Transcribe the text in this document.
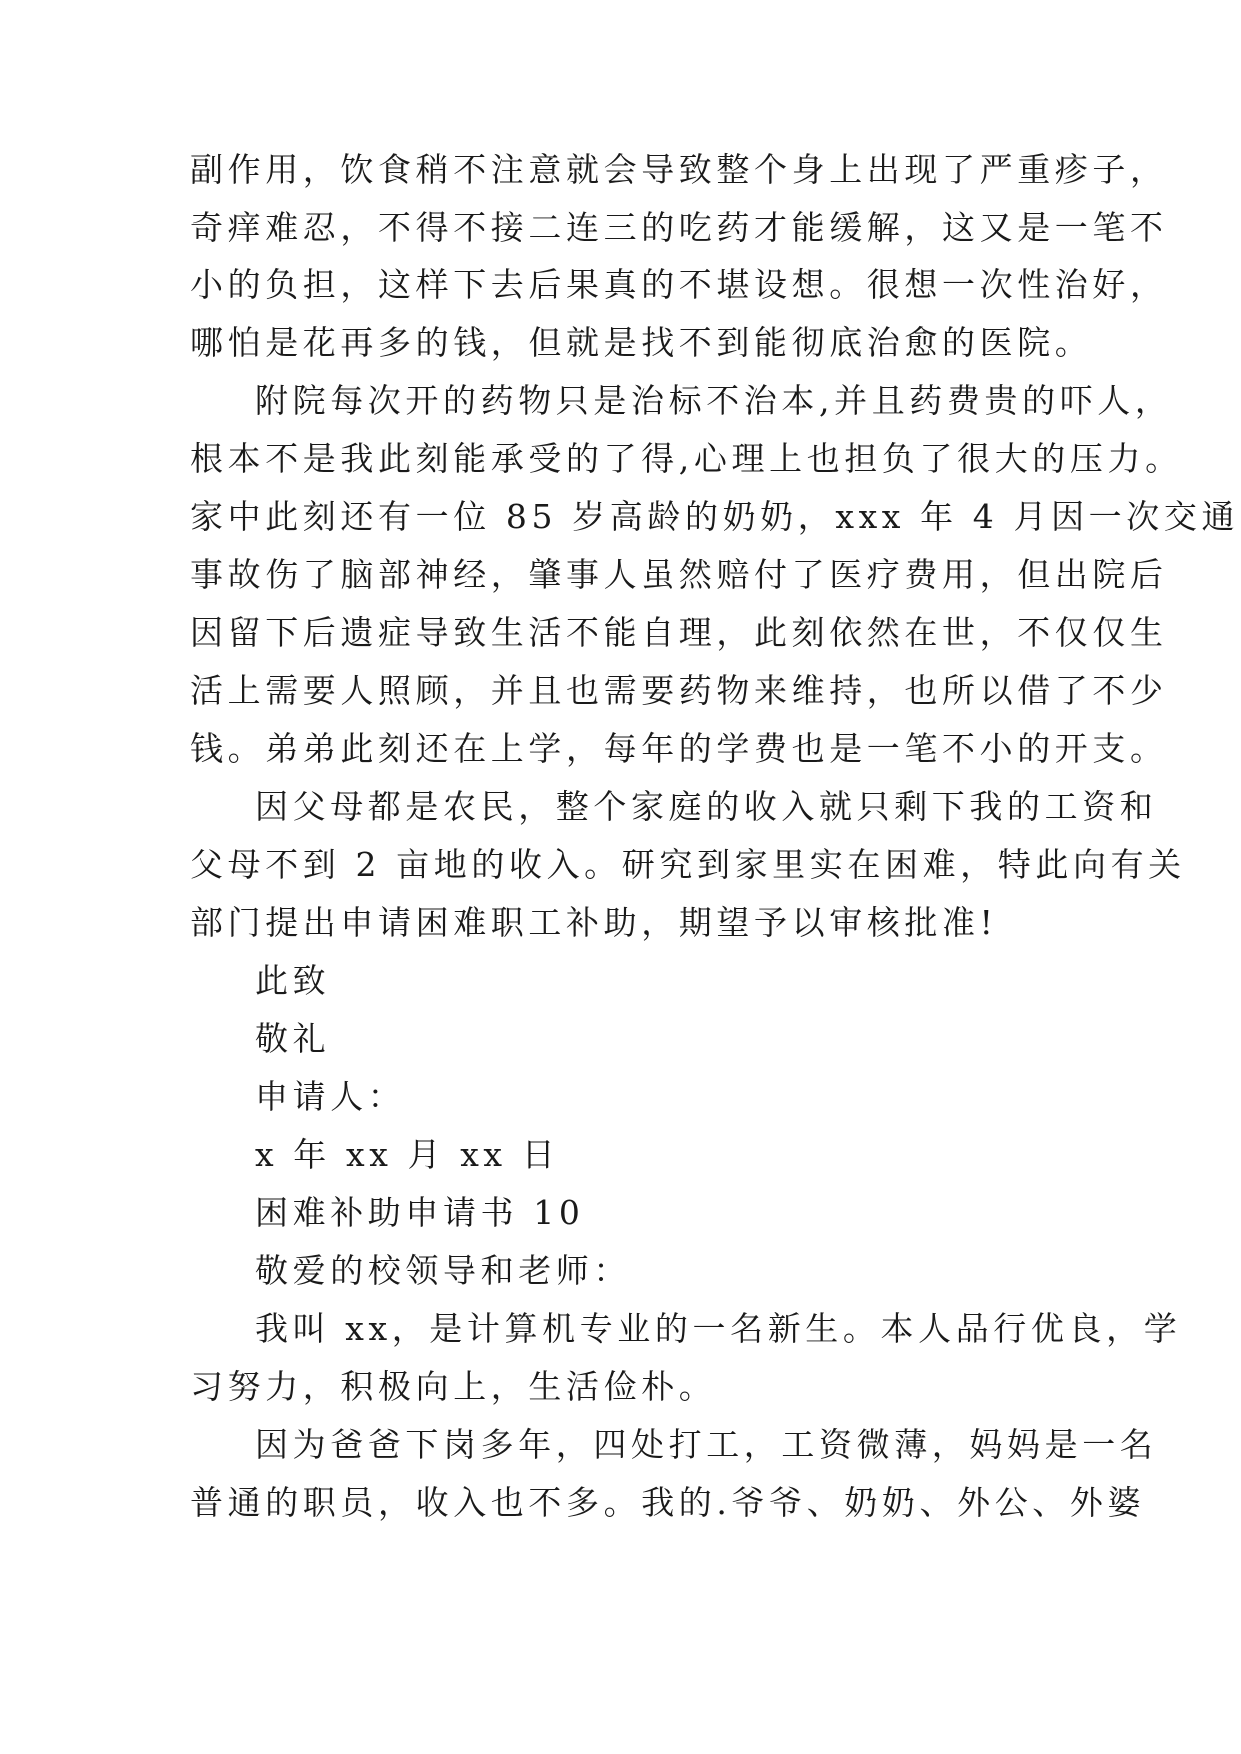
副作用，饮食稍不注意就会导致整个身上出现了严重疹子，
奇痒难忍，不得不接二连三的吃药才能缓解，这又是一笔不
小的负担，这样下去后果真的不堪设想。很想一次性治好，
哪怕是花再多的钱，但就是找不到能彻底治愈的医院。
附院每次开的药物只是治标不治本,并且药费贵的吓人，
根本不是我此刻能承受的了得,心理上也担负了很大的压力。
家中此刻还有一位 85 岁高龄的奶奶，xxx 年 4 月因一次交通
事故伤了脑部神经，肇事人虽然赔付了医疗费用，但出院后
因留下后遗症导致生活不能自理，此刻依然在世，不仅仅生
活上需要人照顾，并且也需要药物来维持，也所以借了不少
钱。弟弟此刻还在上学，每年的学费也是一笔不小的开支。
因父母都是农民，整个家庭的收入就只剩下我的工资和
父母不到 2 亩地的收入。研究到家里实在困难，特此向有关
部门提出申请困难职工补助，期望予以审核批准!
此致
敬礼
申请人：
x 年 xx 月 xx 日
困难补助申请书 10
敬爱的校领导和老师：
我叫 xx，是计算机专业的一名新生。本人品行优良，学
习努力，积极向上，生活俭朴。
因为爸爸下岗多年，四处打工，工资微薄，妈妈是一名
普通的职员，收入也不多。我的.爷爷、奶奶、外公、外婆
